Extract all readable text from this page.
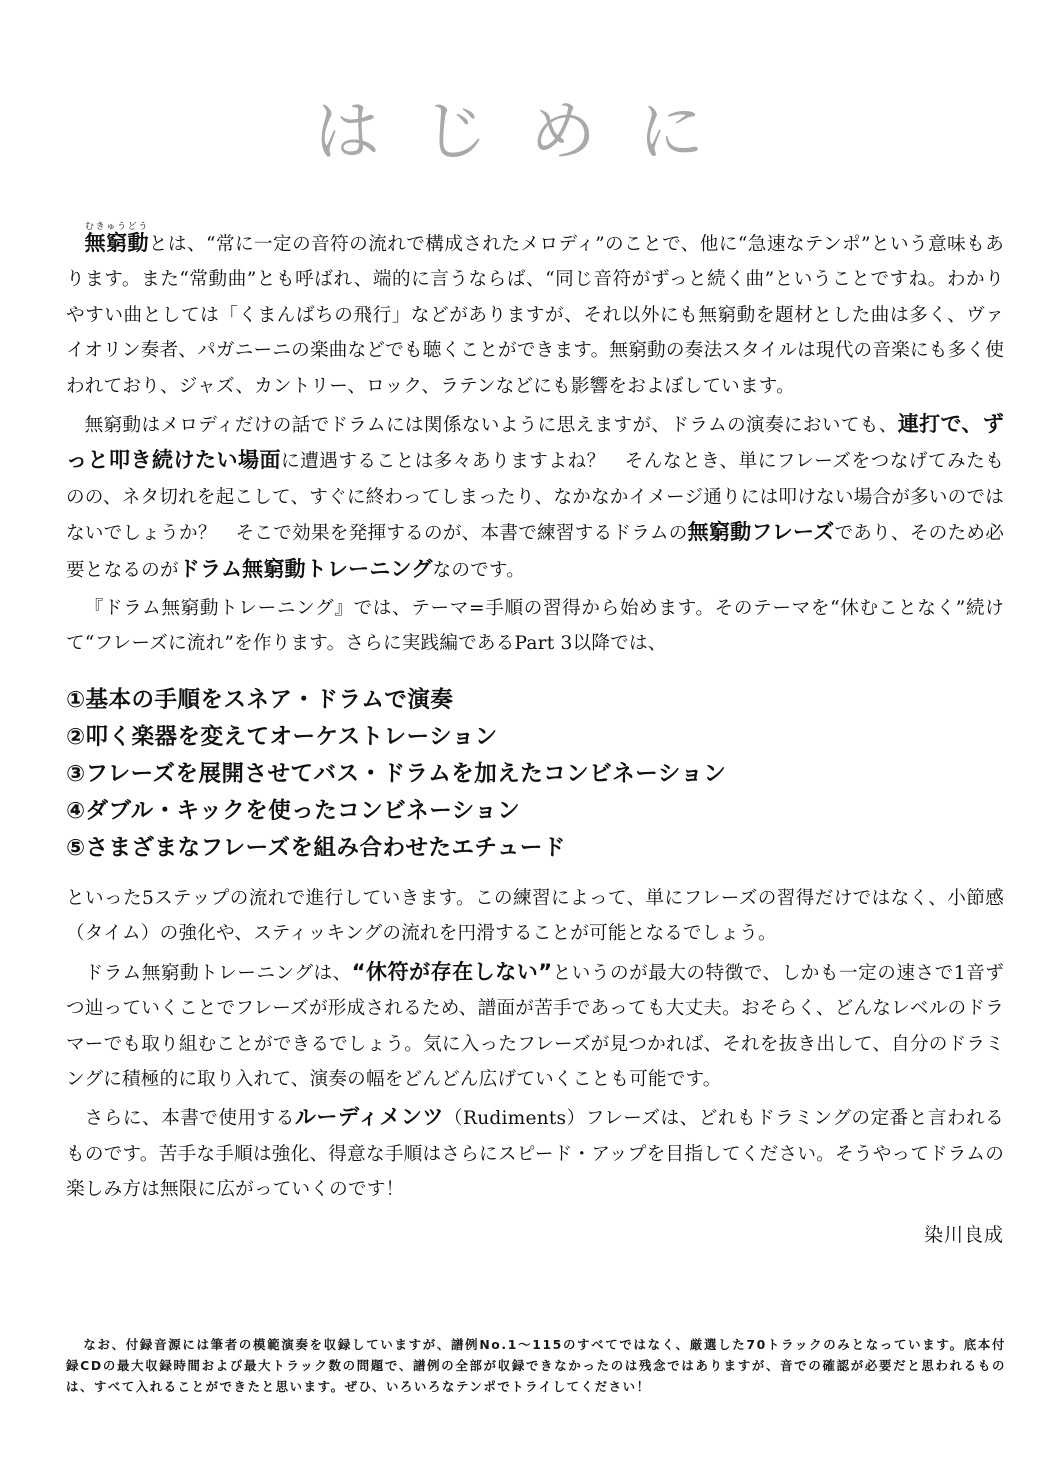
はじめに

無窮動むきゅうどうとは、“常に一定の音符の流れで構成されたメロディ”のことで、他に“急速なテンポ”という意味もあります。また“常動曲”とも呼ばれ、端的に言うならば、“同じ音符がずっと続く曲”ということですね。わかりやすい曲としては「くまんばちの飛行」などがありますが、それ以外にも無窮動を題材とした曲は多く、ヴァイオリン奏者、パガニーニの楽曲などでも聴くことができます。無窮動の奏法スタイルは現代の音楽にも多く使われており、ジャズ、カントリー、ロック、ラテンなどにも影響をおよぼしています。

無窮動はメロディだけの話でドラムには関係ないように思えますが、ドラムの演奏においても、連打で、ずっと叩き続けたい場面に遭遇することは多々ありますよね？　そんなとき、単にフレーズをつなげてみたものの、ネタ切れを起こして、すぐに終わってしまったり、なかなかイメージ通りには叩けない場合が多いのではないでしょうか？　そこで効果を発揮するのが、本書で練習するドラムの無窮動フレーズであり、そのため必要となるのがドラム無窮動トレーニングなのです。

『ドラム無窮動トレーニング』では、テーマ=手順の習得から始めます。そのテーマを“休むことなく”続けて“フレーズに流れ”を作ります。さらに実践編であるPart 3以降では、

①基本の手順をスネア・ドラムで演奏
②叩く楽器を変えてオーケストレーション
③フレーズを展開させてバス・ドラムを加えたコンビネーション
④ダブル・キックを使ったコンビネーション
⑤さまざまなフレーズを組み合わせたエチュード

といった5ステップの流れで進行していきます。この練習によって、単にフレーズの習得だけではなく、小節感（タイム）の強化や、スティッキングの流れを円滑することが可能となるでしょう。

ドラム無窮動トレーニングは、“休符が存在しない”というのが最大の特徴で、しかも一定の速さで1音ずつ辿っていくことでフレーズが形成されるため、譜面が苦手であっても大丈夫。おそらく、どんなレベルのドラマーでも取り組むことができるでしょう。気に入ったフレーズが見つかれば、それを抜き出して、自分のドラミングに積極的に取り入れて、演奏の幅をどんどん広げていくことも可能です。

さらに、本書で使用するルーディメンツ（Rudiments）フレーズは、どれもドラミングの定番と言われるものです。苦手な手順は強化、得意な手順はさらにスピード・アップを目指してください。そうやってドラムの楽しみ方は無限に広がっていくのです！

染川良成

なお、付録音源には筆者の模範演奏を収録していますが、譜例No.1〜115のすべてではなく、厳選した70トラックのみとなっています。底本付録CDの最大収録時間および最大トラック数の問題で、譜例の全部が収録できなかったのは残念ではありますが、音での確認が必要だと思われるものは、すべて入れることができたと思います。ぜひ、いろいろなテンポでトライしてください！
